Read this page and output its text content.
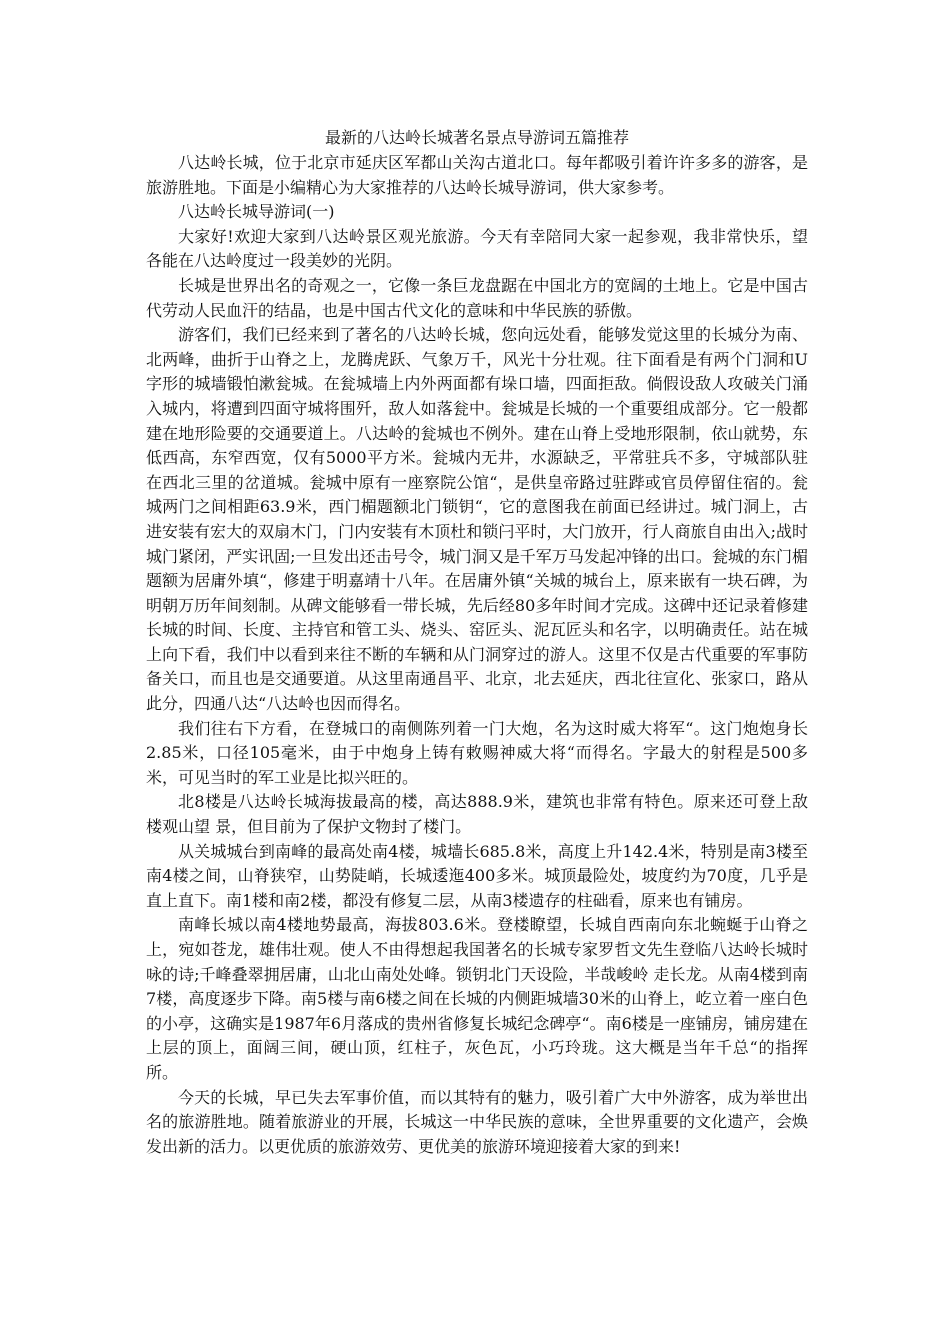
最新的八达岭长城著名景点导游词五篇推荐

八达岭长城，位于北京市延庆区军都山关沟古道北口。每年都吸引着许许多多的游客，是旅游胜地。下面是小编精心为大家推荐的八达岭长城导游词，供大家参考。

八达岭长城导游词(一)

大家好!欢迎大家到八达岭景区观光旅游。今天有幸陪同大家一起参观，我非常快乐，望各能在八达岭度过一段美妙的光阴。

长城是世界出名的奇观之一，它像一条巨龙盘踞在中国北方的宽阔的土地上。它是中国古代劳动人民血汗的结晶，也是中国古代文化的意味和中华民族的骄傲。

游客们，我们已经来到了著名的八达岭长城，您向远处看，能够发觉这里的长城分为南、北两峰，曲折于山脊之上，龙腾虎跃、气象万千，风光十分壮观。往下面看是有两个门洞和U字形的城墙锻怕漱瓮城。在瓮城墙上内外两面都有垛口墙，四面拒敌。倘假设敌人攻破关门涌入城内，将遭到四面守城将围歼，敌人如落瓮中。瓮城是长城的一个重要组成部分。它一般都建在地形险要的交通要道上。八达岭的瓮城也不例外。建在山脊上受地形限制，依山就势，东低西高，东窄西宽，仅有5000平方米。瓮城内无井，水源缺乏，平常驻兵不多，守城部队驻在西北三里的岔道城。瓮城中原有一座察院公馆“，是供皇帝路过驻跸或官员停留住宿的。瓮城两门之间相距63.9米，西门楣题额北门锁钥“，它的意图我在前面已经讲过。城门洞上，古进安装有宏大的双扇木门，门内安装有木顶杜和锁闩平时，大门放开，行人商旅自由出入;战时城门紧闭，严实讯固;一旦发出还击号令，城门洞又是千军万马发起冲锋的出口。瓮城的东门楣题额为居庸外填“，修建于明嘉靖十八年。在居庸外镇“关城的城台上，原来嵌有一块石碑，为明朝万历年间刻制。从碑文能够看一带长城，先后经80多年时间才完成。这碑中还记录着修建长城的时间、长度、主持官和管工头、烧头、窑匠头、泥瓦匠头和名字，以明确责任。站在城上向下看，我们中以看到来往不断的车辆和从门洞穿过的游人。这里不仅是古代重要的军事防备关口，而且也是交通要道。从这里南通昌平、北京，北去延庆，西北往宣化、张家口，路从此分，四通八达“八达岭也因而得名。

我们往右下方看，在登城口的南侧陈列着一门大炮，名为这时威大将军“。这门炮炮身长2.85米，口径105毫米，由于中炮身上铸有敕赐神威大将“而得名。字最大的射程是500多米，可见当时的军工业是比拟兴旺的。

北8楼是八达岭长城海拔最高的楼，高达888.9米，建筑也非常有特色。原来还可登上敌楼观山望 景，但目前为了保护文物封了楼门。

从关城城台到南峰的最高处南4楼，城墙长685.8米，高度上升142.4米，特别是南3楼至南4楼之间，山脊狭窄，山势陡峭，长城逶迤400多米。城顶最险处，坡度约为70度，几乎是直上直下。南1楼和南2楼，都没有修复二层，从南3楼遗存的柱础看，原来也有铺房。

南峰长城以南4楼地势最高，海拔803.6米。登楼瞭望，长城自西南向东北蜿蜒于山脊之上，宛如苍龙，雄伟壮观。使人不由得想起我国著名的长城专家罗哲文先生登临八达岭长城时咏的诗;千峰叠翠拥居庸，山北山南处处峰。锁钥北门天设险，半哉峻岭 走长龙。从南4楼到南7楼，高度逐步下降。南5楼与南6楼之间在长城的内侧距城墙30米的山脊上，屹立着一座白色的小亭，这确实是1987年6月落成的贵州省修复长城纪念碑亭“。南6楼是一座铺房，铺房建在上层的顶上，面阔三间，硬山顶，红柱子，灰色瓦，小巧玲珑。这大概是当年千总“的指挥所。

今天的长城，早已失去军事价值，而以其特有的魅力，吸引着广大中外游客，成为举世出名的旅游胜地。随着旅游业的开展，长城这一中华民族的意味，全世界重要的文化遗产，会焕发出新的活力。以更优质的旅游效劳、更优美的旅游环境迎接着大家的到来!
